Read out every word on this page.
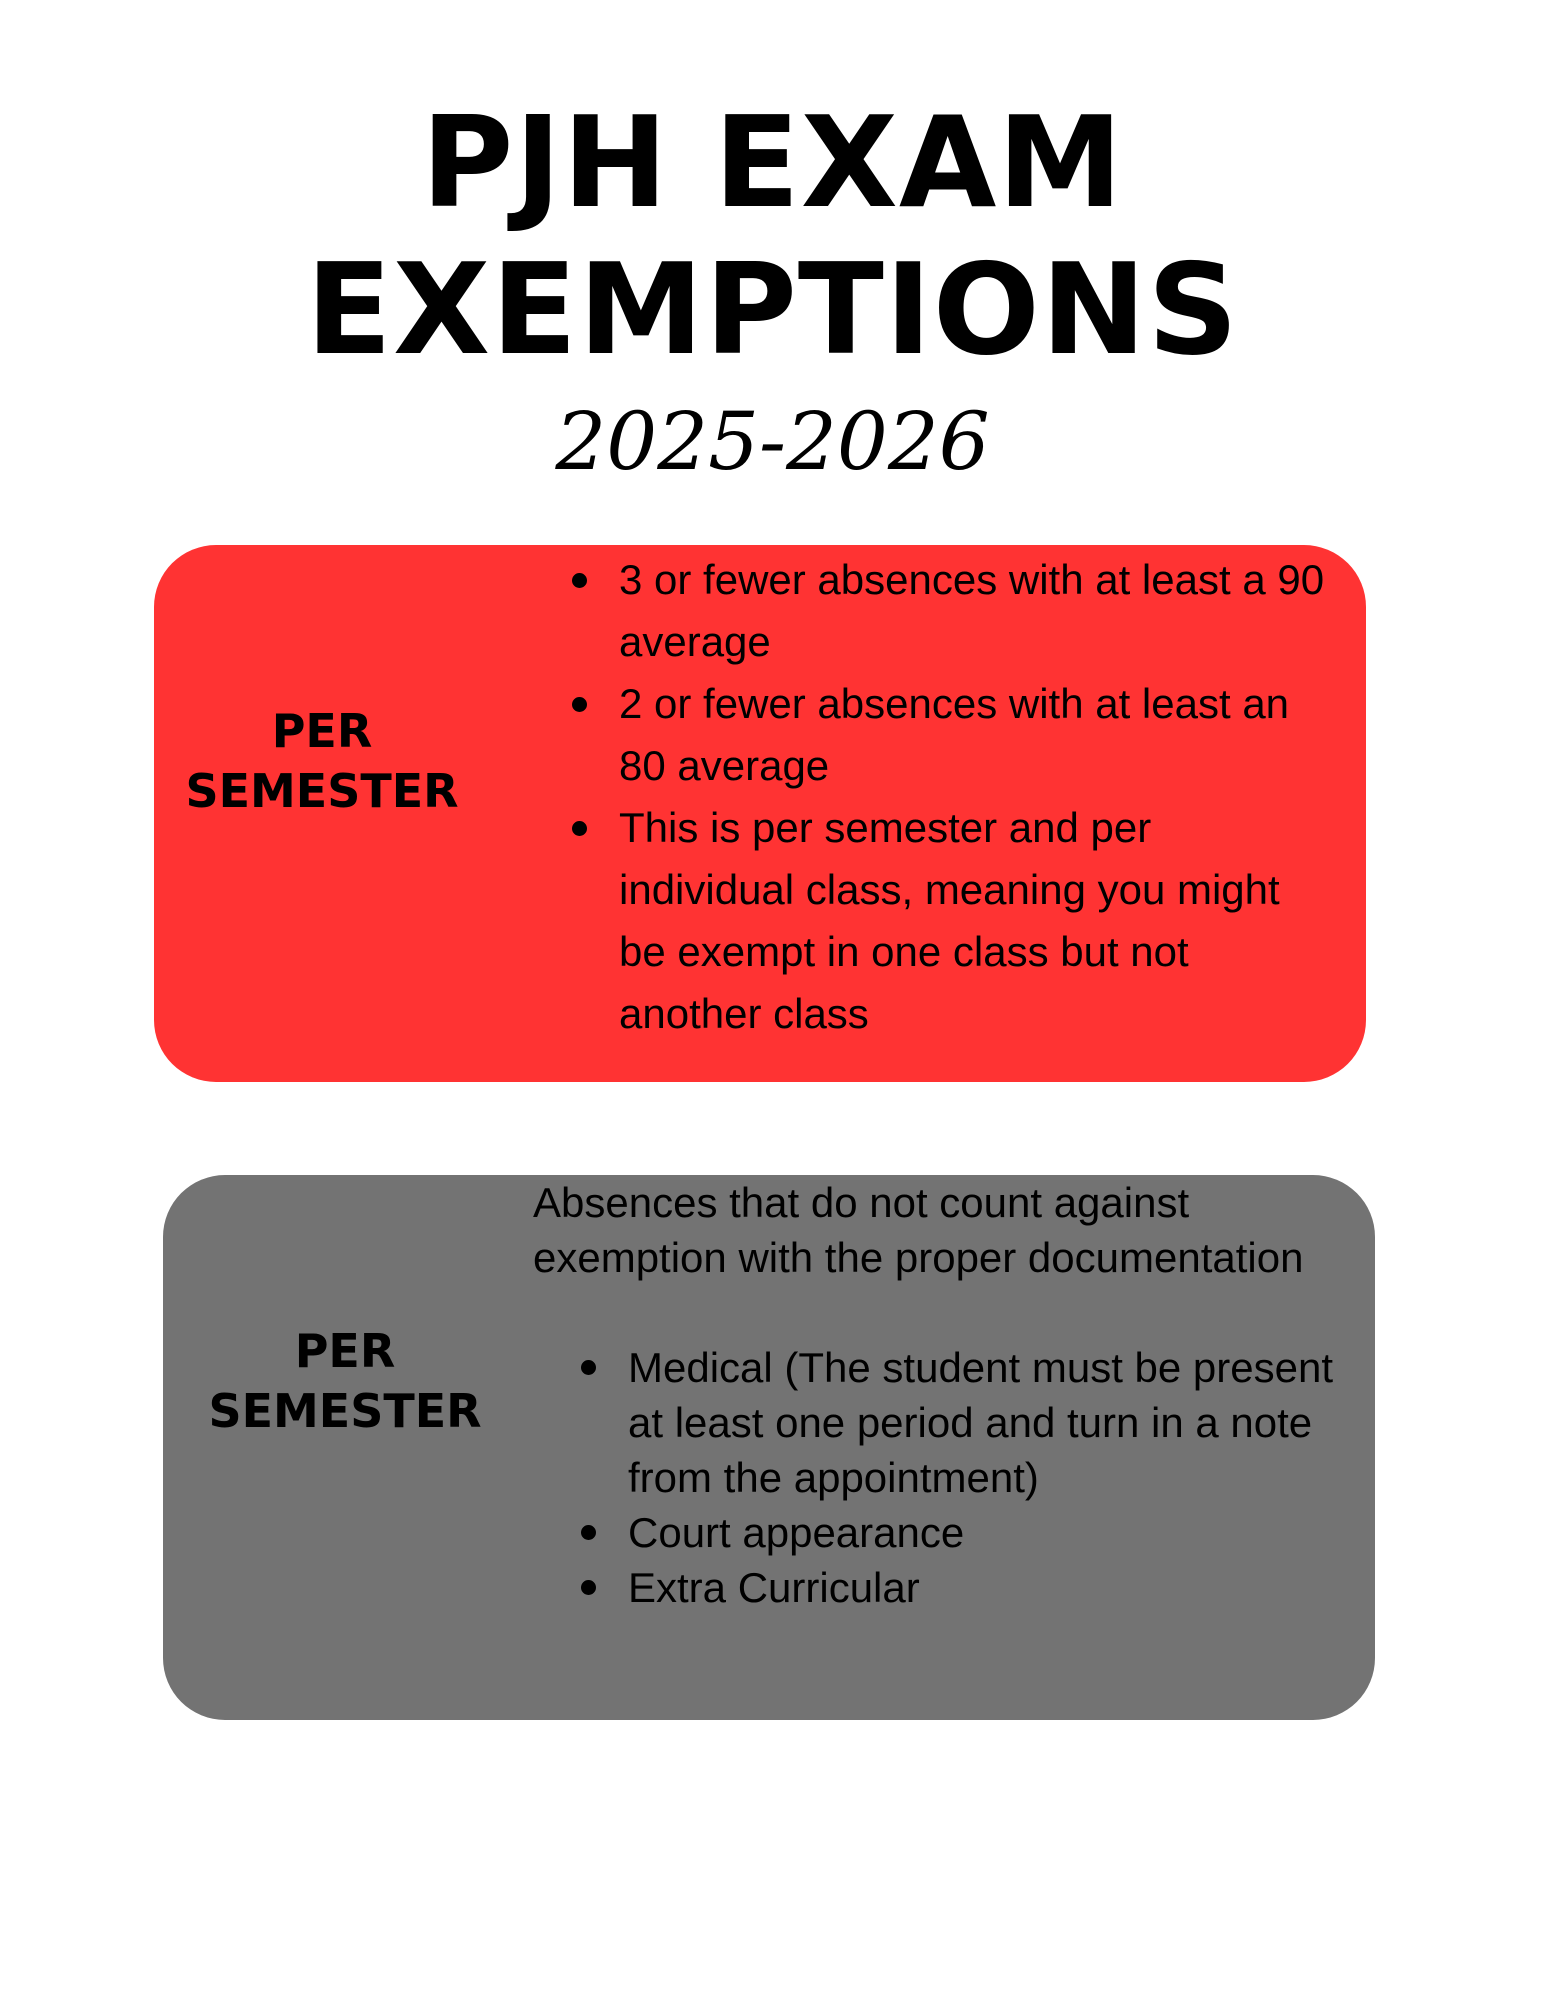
PJH EXAM
EXEMPTIONS

2025-2026

PER
SEMESTER
3 or fewer absences with at least a 90 average
2 or fewer absences with at least an 80 average
This is per semester and per individual class, meaning you might be exempt in one class but not another class
PER
SEMESTER

Absences that do not count against exemption with the proper documentation

Medical (The student must be present at least one period and turn in a note from the appointment)
Court appearance
Extra Curricular
